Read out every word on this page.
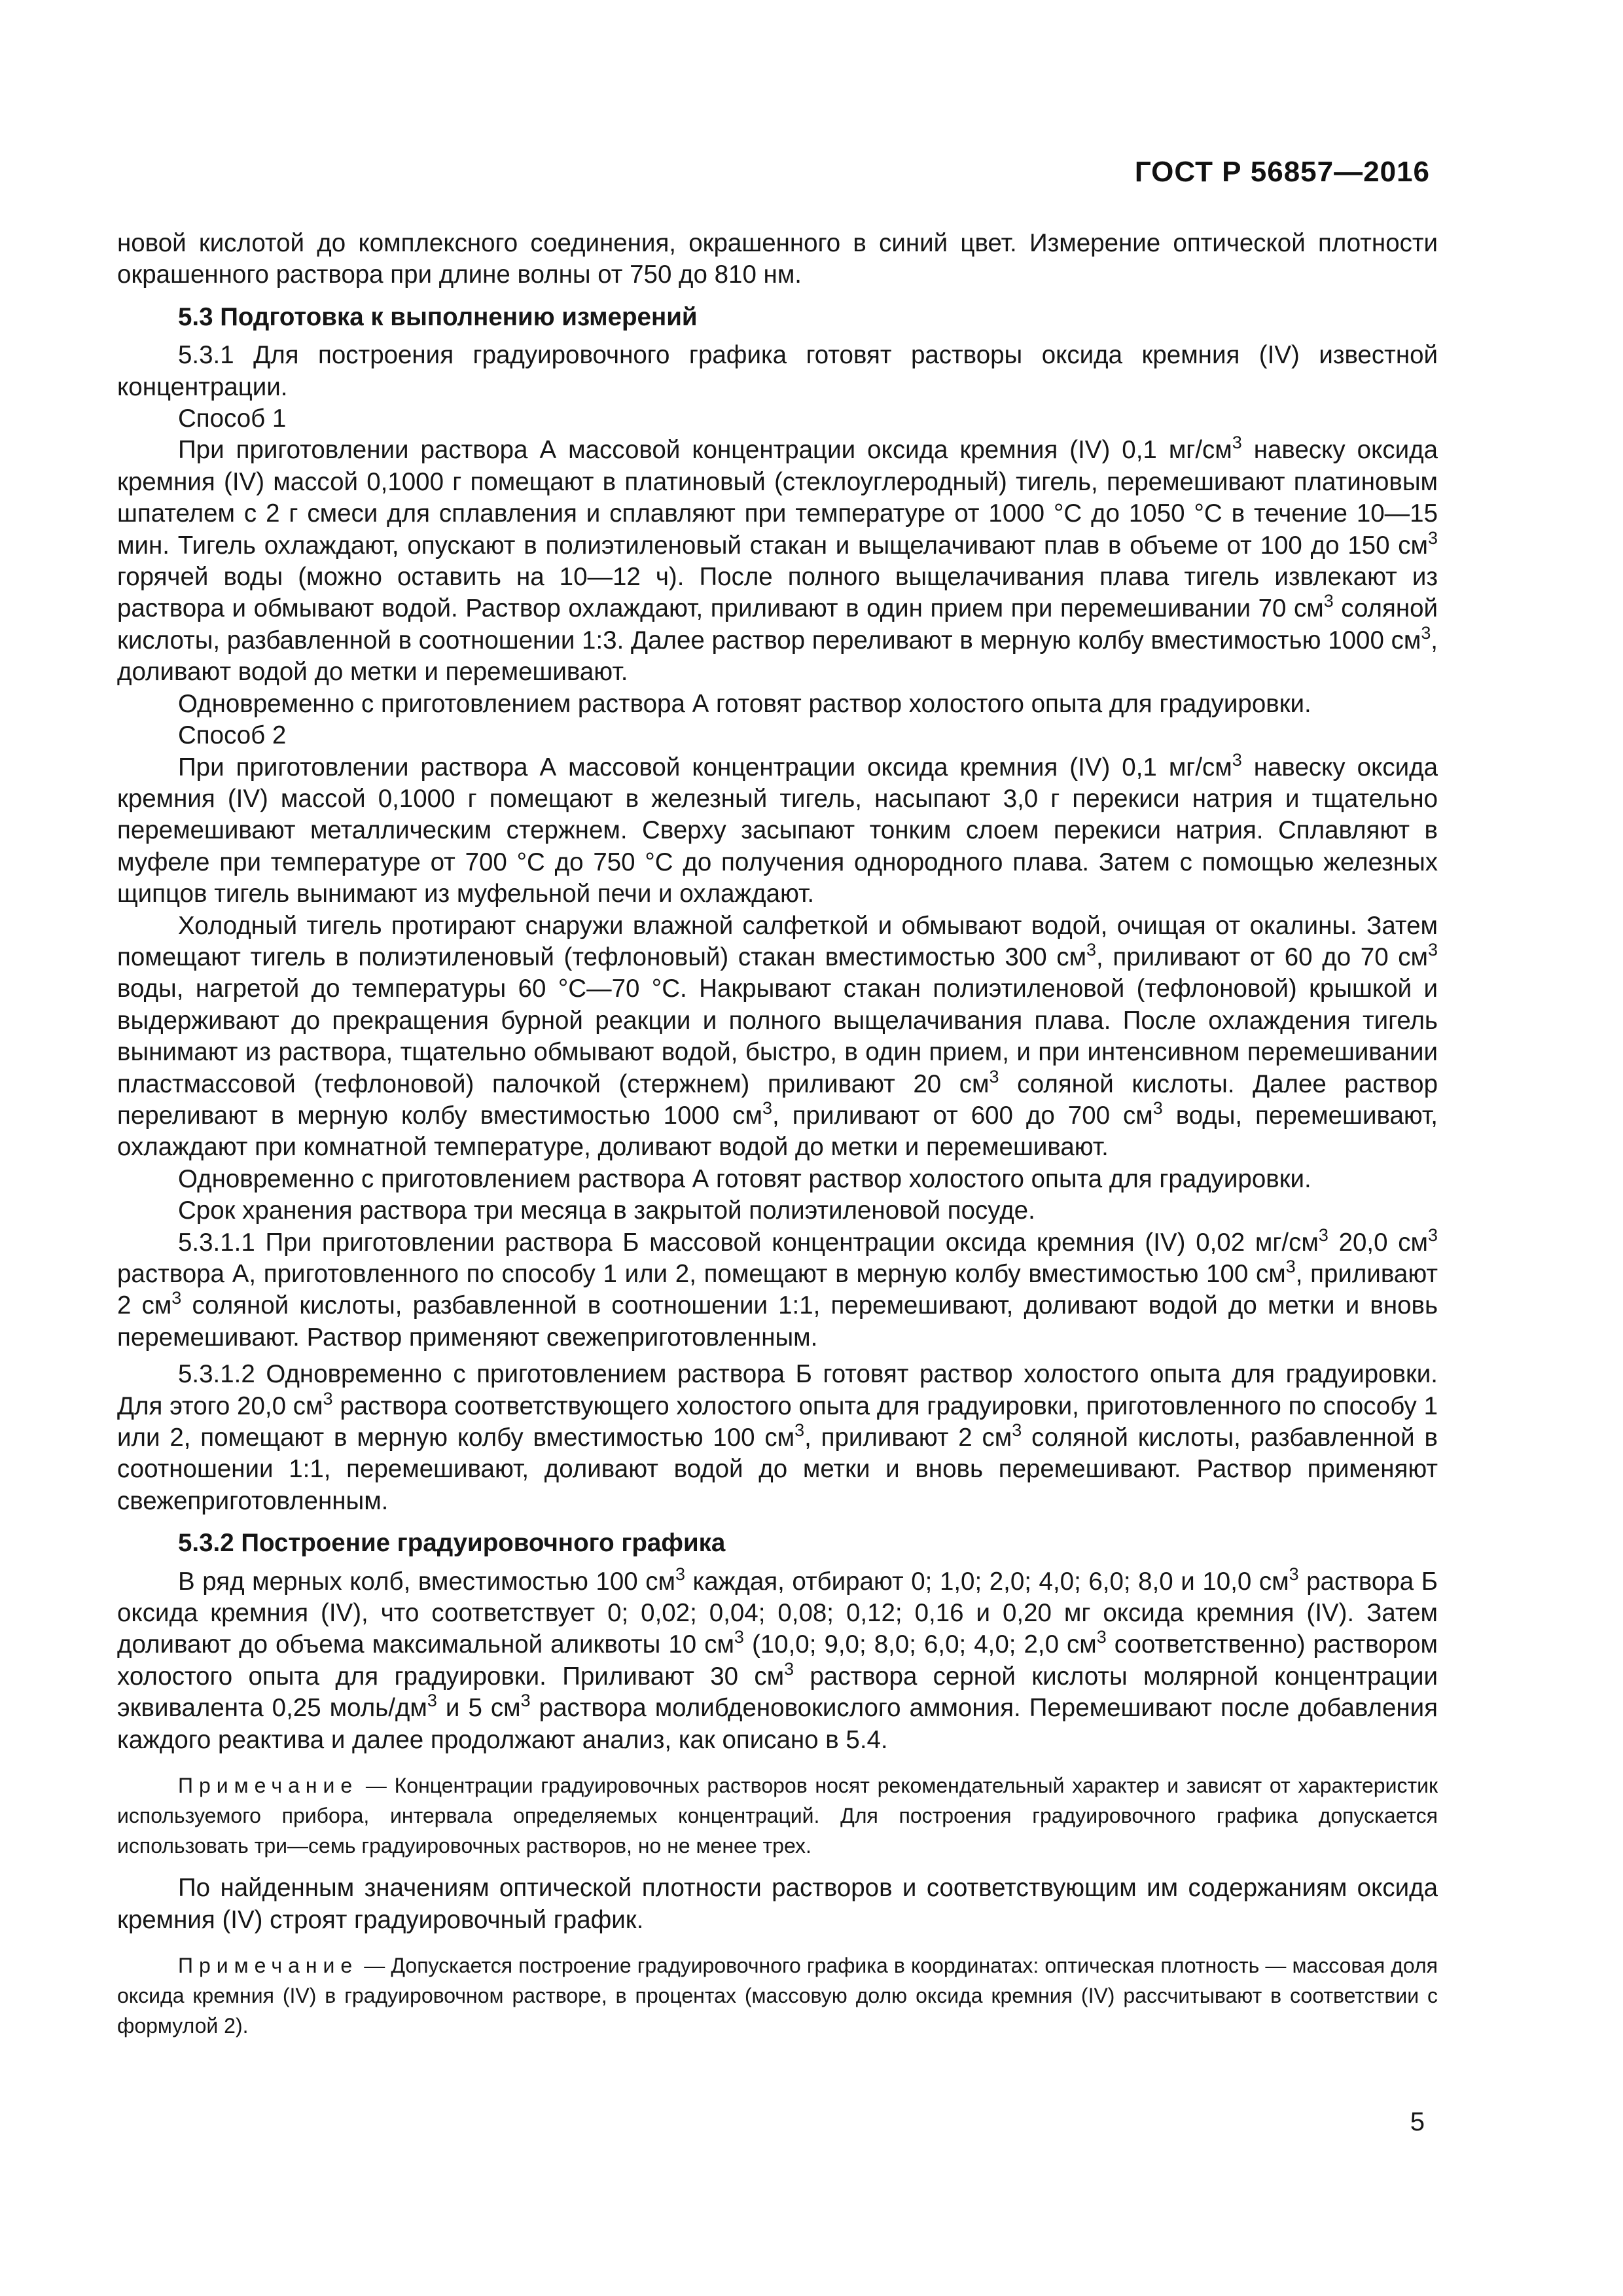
ГОСТ Р 56857—2016

новой кислотой до комплексного соединения, окрашенного в синий цвет. Измерение оптической плотности окрашенного раствора при длине волны от 750 до 810 нм.

5.3 Подготовка к выполнению измерений

5.3.1 Для построения градуировочного графика готовят растворы оксида кремния (IV) известной концентрации.

Способ 1

При приготовлении раствора А массовой концентрации оксида кремния (IV) 0,1 $мг/см^3$ навеску оксида кремния (IV) массой 0,1000 г помещают в платиновый (стеклоуглеродный) тигель, перемешивают платиновым шпателем с 2 г смеси для сплавления и сплавляют при температуре от 1000 °С до 1050 °С в течение 10—15 мин. Тигель охлаждают, опускают в полиэтиленовый стакан и выщелачивают плав в объеме от 100 до 150 $см^3$ горячей воды (можно оставить на 10—12 ч). После полного выщелачивания плава тигель извлекают из раствора и обмывают водой. Раствор охлаждают, приливают в один прием при перемешивании 70 $см^3$ соляной кислоты, разбавленной в соотношении 1:3. Далее раствор переливают в мерную колбу вместимостью 1000 $см^3$, доливают водой до метки и перемешивают.

Одновременно с приготовлением раствора А готовят раствор холостого опыта для градуировки.

Способ 2

При приготовлении раствора А массовой концентрации оксида кремния (IV) 0,1 $мг/см^3$ навеску оксида кремния (IV) массой 0,1000 г помещают в железный тигель, насыпают 3,0 г перекиси натрия и тщательно перемешивают металлическим стержнем. Сверху засыпают тонким слоем перекиси натрия. Сплавляют в муфеле при температуре от 700 °С до 750 °С до получения однородного плава. Затем с помощью железных щипцов тигель вынимают из муфельной печи и охлаждают.

Холодный тигель протирают снаружи влажной салфеткой и обмывают водой, очищая от окалины. Затем помещают тигель в полиэтиленовый (тефлоновый) стакан вместимостью 300 $см^3$, приливают от 60 до 70 $см^3$ воды, нагретой до температуры 60 °С—70 °С. Накрывают стакан полиэтиленовой (тефлоновой) крышкой и выдерживают до прекращения бурной реакции и полного выщелачивания плава. После охлаждения тигель вынимают из раствора, тщательно обмывают водой, быстро, в один прием, и при интенсивном перемешивании пластмассовой (тефлоновой) палочкой (стержнем) приливают 20 $см^3$ соляной кислоты. Далее раствор переливают в мерную колбу вместимостью 1000 $см^3$, приливают от 600 до 700 $см^3$ воды, перемешивают, охлаждают при комнатной температуре, доливают водой до метки и перемешивают.

Одновременно с приготовлением раствора А готовят раствор холостого опыта для градуировки.

Срок хранения раствора три месяца в закрытой полиэтиленовой посуде.

5.3.1.1 При приготовлении раствора Б массовой концентрации оксида кремния (IV) 0,02 $мг/см^3$ 20,0 $см^3$ раствора А, приготовленного по способу 1 или 2, помещают в мерную колбу вместимостью 100 $см^3$, приливают 2 $см^3$ соляной кислоты, разбавленной в соотношении 1:1, перемешивают, доливают водой до метки и вновь перемешивают. Раствор применяют свежеприготовленным.

5.3.1.2 Одновременно с приготовлением раствора Б готовят раствор холостого опыта для градуировки. Для этого 20,0 $см^3$ раствора соответствующего холостого опыта для градуировки, приготовленного по способу 1 или 2, помещают в мерную колбу вместимостью 100 $см^3$, приливают 2 $см^3$ соляной кислоты, разбавленной в соотношении 1:1, перемешивают, доливают водой до метки и вновь перемешивают. Раствор применяют свежеприготовленным.

5.3.2 Построение градуировочного графика

В ряд мерных колб, вместимостью 100 $см^3$ каждая, отбирают 0; 1,0; 2,0; 4,0; 6,0; 8,0 и 10,0 $см^3$ раствора Б оксида кремния (IV), что соответствует 0; 0,02; 0,04; 0,08; 0,12; 0,16 и 0,20 мг оксида кремния (IV). Затем доливают до объема максимальной аликвоты 10 $см^3$ (10,0; 9,0; 8,0; 6,0; 4,0; 2,0 $см^3$ соответственно) раствором холостого опыта для градуировки. Приливают 30 $см^3$ раствора серной кислоты молярной концентрации эквивалента 0,25 моль/$дм^3$ и 5 $см^3$ раствора молибденовокислого аммония. Перемешивают после добавления каждого реактива и далее продолжают анализ, как описано в 5.4.

Примечание — Концентрации градуировочных растворов носят рекомендательный характер и зависят от характеристик используемого прибора, интервала определяемых концентраций. Для построения градуировочного графика допускается использовать три—семь градуировочных растворов, но не менее трех.

По найденным значениям оптической плотности растворов и соответствующим им содержаниям оксида кремния (IV) строят градуировочный график.

Примечание — Допускается построение градуировочного графика в координатах: оптическая плотность — массовая доля оксида кремния (IV) в градуировочном растворе, в процентах (массовую долю оксида кремния (IV) рассчитывают в соответствии с формулой 2).

5
